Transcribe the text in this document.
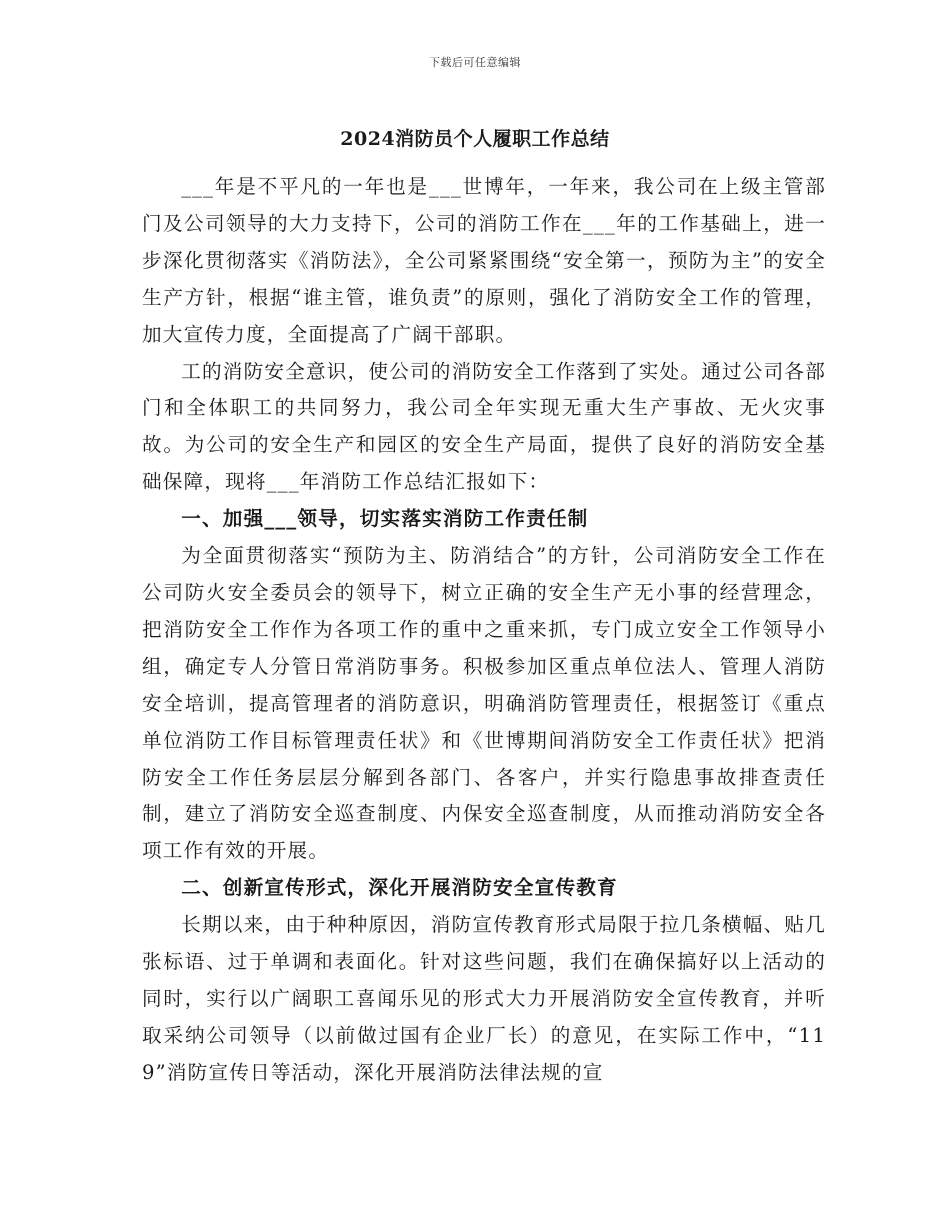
下载后可任意编辑
2024消防员个人履职工作总结

___年是不平凡的一年也是___世博年，一年来，我公司在上级主管部门及公司领导的大力支持下，公司的消防工作在___年的工作基础上，进一步深化贯彻落实《消防法》，全公司紧紧围绕“安全第一，预防为主”的安全生产方针，根据“谁主管，谁负责”的原则，强化了消防安全工作的管理，加大宣传力度，全面提高了广阔干部职。

工的消防安全意识，使公司的消防安全工作落到了实处。通过公司各部门和全体职工的共同努力，我公司全年实现无重大生产事故、无火灾事故。为公司的安全生产和园区的安全生产局面，提供了良好的消防安全基础保障，现将___年消防工作总结汇报如下：

一、加强___领导，切实落实消防工作责任制

为全面贯彻落实“预防为主、防消结合”的方针，公司消防安全工作在公司防火安全委员会的领导下，树立正确的安全生产无小事的经营理念，把消防安全工作作为各项工作的重中之重来抓，专门成立安全工作领导小组，确定专人分管日常消防事务。积极参加区重点单位法人、管理人消防安全培训，提高管理者的消防意识，明确消防管理责任，根据签订《重点单位消防工作目标管理责任状》和《世博期间消防安全工作责任状》把消防安全工作任务层层分解到各部门、各客户，并实行隐患事故排查责任制，建立了消防安全巡查制度、内保安全巡查制度，从而推动消防安全各项工作有效的开展。

二、创新宣传形式，深化开展消防安全宣传教育

长期以来，由于种种原因，消防宣传教育形式局限于拉几条横幅、贴几张标语、过于单调和表面化。针对这些问题，我们在确保搞好以上活动的同时，实行以广阔职工喜闻乐见的形式大力开展消防安全宣传教育，并听取采纳公司领导（以前做过国有企业厂长）的意见，在实际工作中，“119”消防宣传日等活动，深化开展消防法律法规的宣
